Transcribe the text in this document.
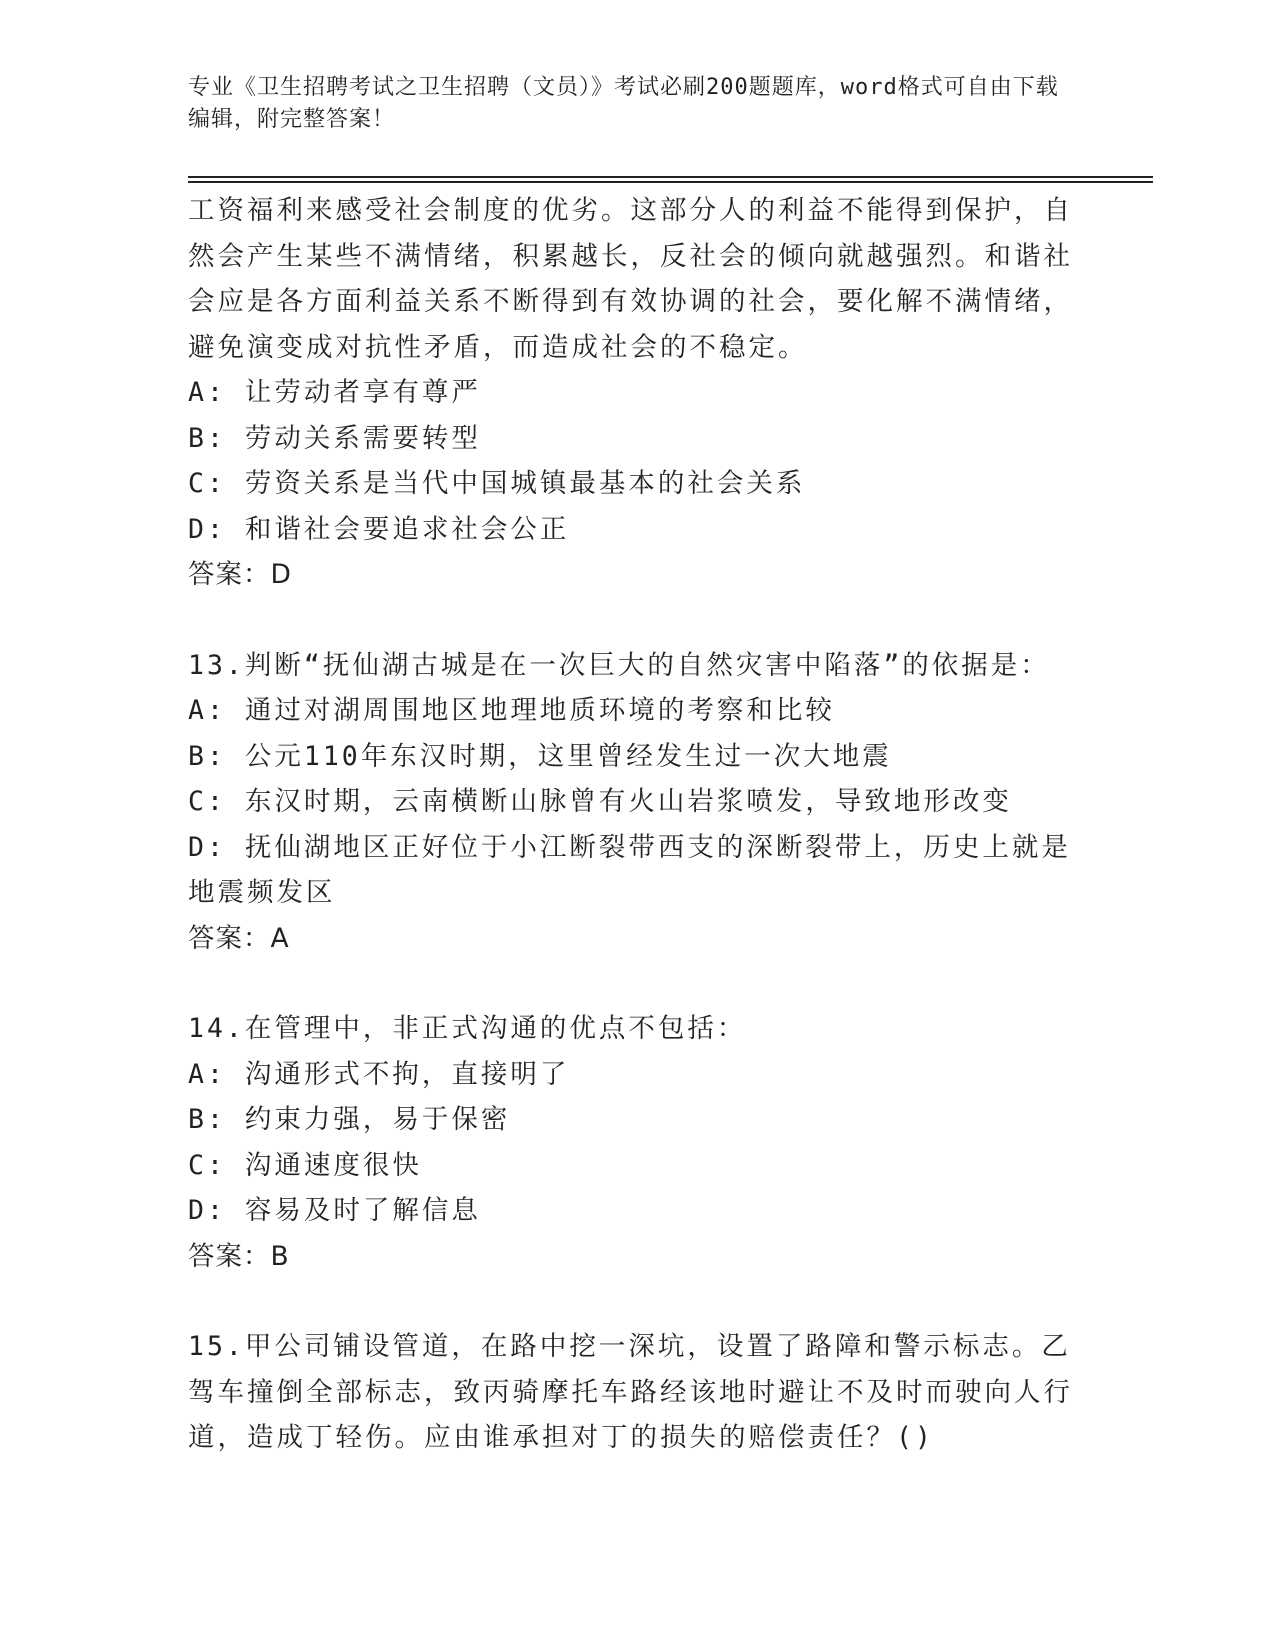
专业《卫生招聘考试之卫生招聘（文员）》考试必刷200题题库，word格式可自由下载编辑，附完整答案！

工资福利来感受社会制度的优劣。这部分人的利益不能得到保护，自然会产生某些不满情绪，积累越长，反社会的倾向就越强烈。和谐社会应是各方面利益关系不断得到有效协调的社会，要化解不满情绪，避免演变成对抗性矛盾，而造成社会的不稳定。

A: 让劳动者享有尊严

B: 劳动关系需要转型

C: 劳资关系是当代中国城镇最基本的社会关系

D: 和谐社会要追求社会公正

答案：D

13.判断“抚仙湖古城是在一次巨大的自然灾害中陷落”的依据是：

A: 通过对湖周围地区地理地质环境的考察和比较

B: 公元110年东汉时期，这里曾经发生过一次大地震

C: 东汉时期，云南横断山脉曾有火山岩浆喷发，导致地形改变

D: 抚仙湖地区正好位于小江断裂带西支的深断裂带上，历史上就是地震频发区

答案：A

14.在管理中，非正式沟通的优点不包括：

A: 沟通形式不拘，直接明了

B: 约束力强，易于保密

C: 沟通速度很快

D: 容易及时了解信息

答案：B

15.甲公司铺设管道，在路中挖一深坑，设置了路障和警示标志。乙驾车撞倒全部标志，致丙骑摩托车路经该地时避让不及时而驶向人行道，造成丁轻伤。应由谁承担对丁的损失的赔偿责任？()
